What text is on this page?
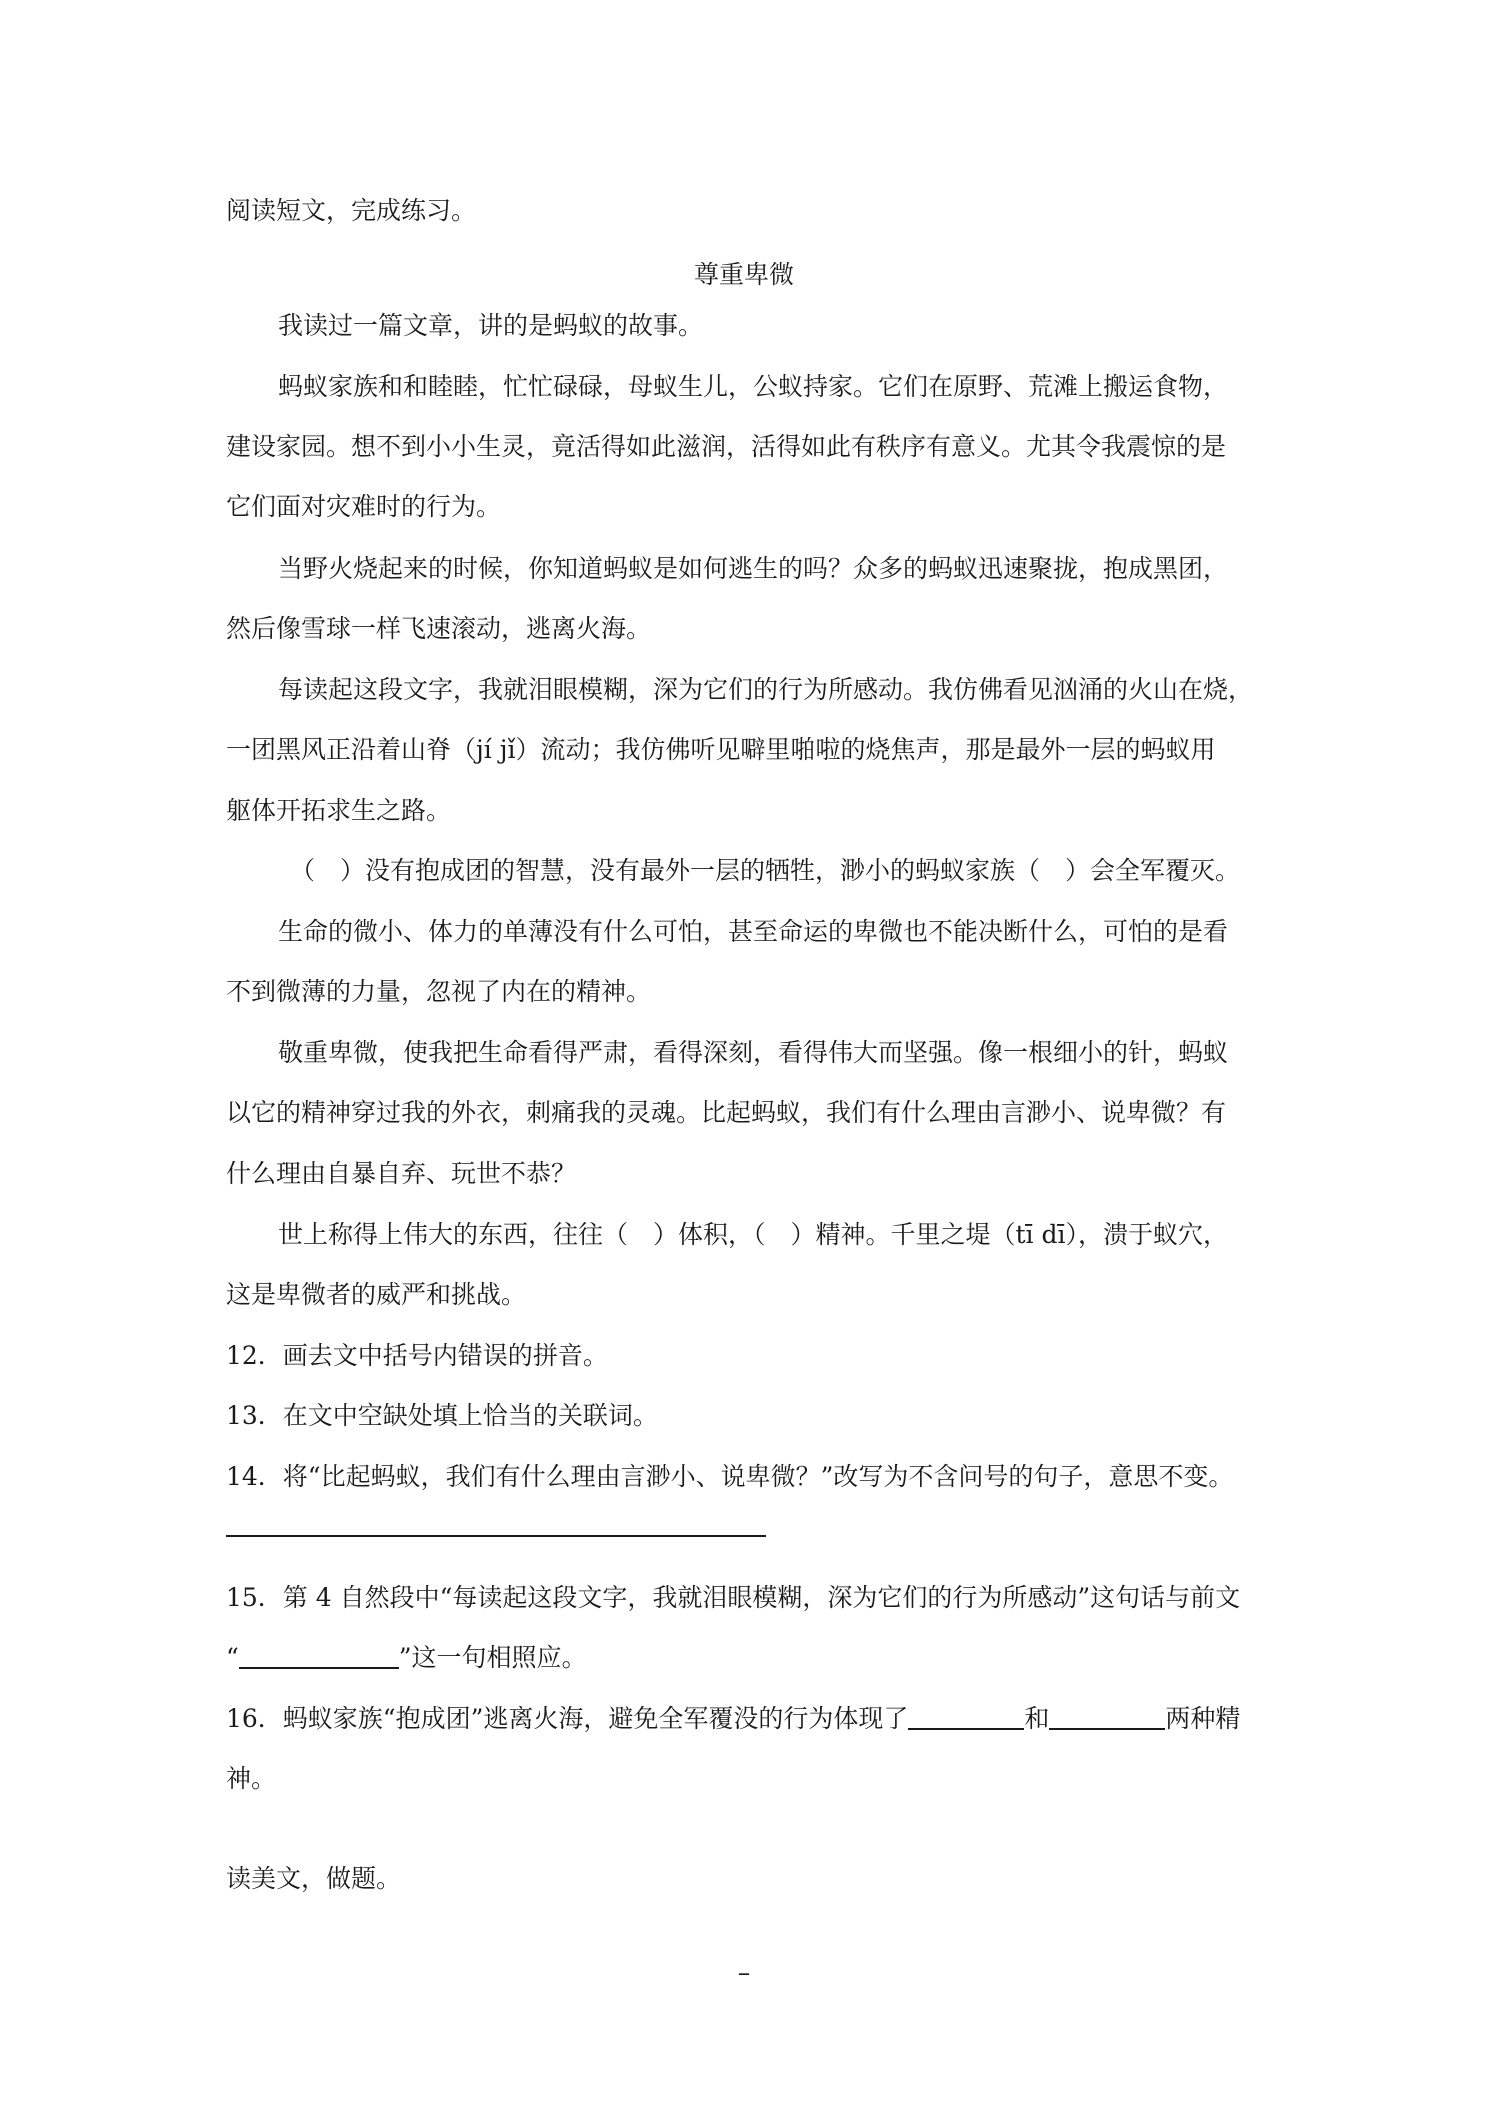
阅读短文，完成练习。
尊重卑微
我读过一篇文章，讲的是蚂蚁的故事。
蚂蚁家族和和睦睦，忙忙碌碌，母蚁生儿，公蚁持家。它们在原野、荒滩上搬运食物，
建设家园。想不到小小生灵，竟活得如此滋润，活得如此有秩序有意义。尤其令我震惊的是
它们面对灾难时的行为。
当野火烧起来的时候，你知道蚂蚁是如何逃生的吗？众多的蚂蚁迅速聚拢，抱成黑团，
然后像雪球一样飞速滚动，逃离火海。
每读起这段文字，我就泪眼模糊，深为它们的行为所感动。我仿佛看见汹涌的火山在烧，
一团黑风正沿着山脊（jí jǐ）流动；我仿佛听见噼里啪啦的烧焦声，那是最外一层的蚂蚁用
躯体开拓求生之路。
（　）没有抱成团的智慧，没有最外一层的牺牲，渺小的蚂蚁家族（　）会全军覆灭。
生命的微小、体力的单薄没有什么可怕，甚至命运的卑微也不能决断什么，可怕的是看
不到微薄的力量，忽视了内在的精神。
敬重卑微，使我把生命看得严肃，看得深刻，看得伟大而坚强。像一根细小的针，蚂蚁
以它的精神穿过我的外衣，刺痛我的灵魂。比起蚂蚁，我们有什么理由言渺小、说卑微？有
什么理由自暴自弃、玩世不恭？
世上称得上伟大的东西，往往（　）体积，（　）精神。千里之堤（tī dī），溃于蚁穴，
这是卑微者的威严和挑战。
12．画去文中括号内错误的拼音。
13．在文中空缺处填上恰当的关联词。
14．将“比起蚂蚁，我们有什么理由言渺小、说卑微？”改写为不含问号的句子，意思不变。
15．第 4 自然段中“每读起这段文字，我就泪眼模糊，深为它们的行为所感动”这句话与前文
“	”这一句相照应。
16．蚂蚁家族“抱成团”逃离火海，避免全军覆没的行为体现了	和	两种精
神。
读美文，做题。
–
